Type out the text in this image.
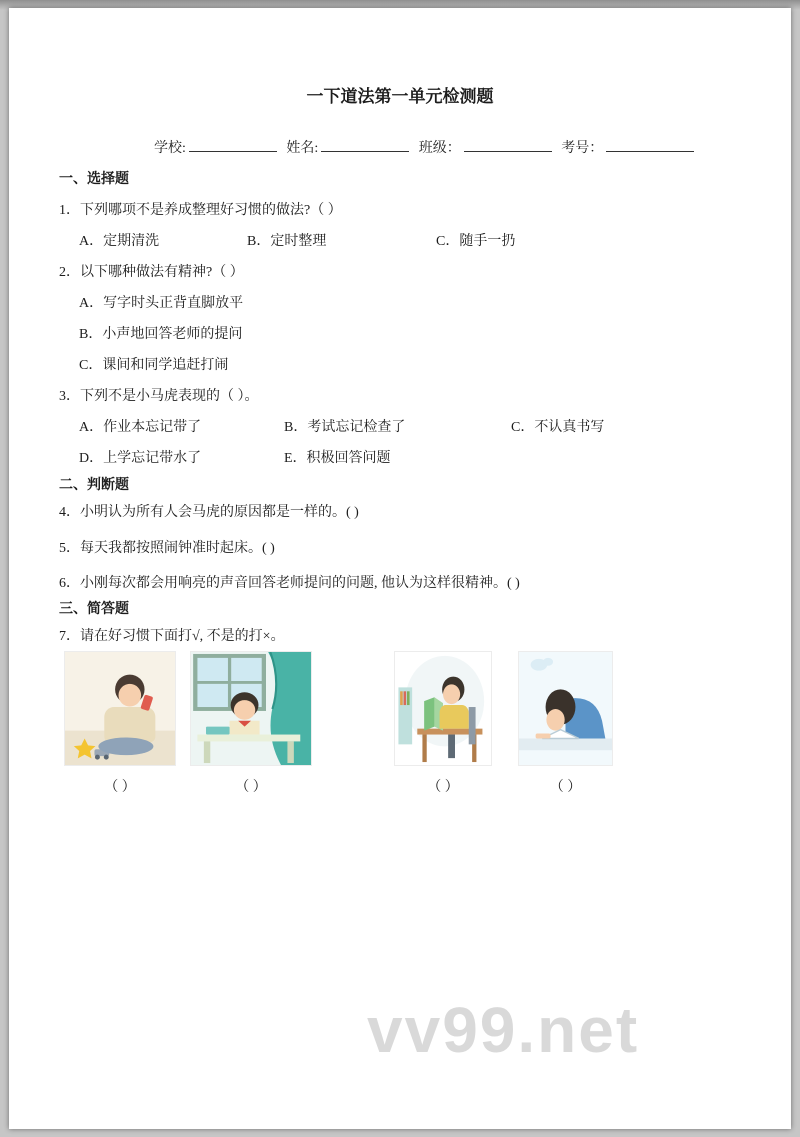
一下道法第一单元检测题
学校:	姓名:	班级：	考号：
一、选择题
1．下列哪项不是养成整理好习惯的做法?（ ）
A．定期清洗	B．定时整理	C．随手一扔
2．以下哪种做法有精神?（ ）
A．写字时头正背直脚放平
B．小声地回答老师的提问
C．课间和同学追赶打闹
3．下列不是小马虎表现的（ ）。
A．作业本忘记带了	B．考试忘记检查了	C．不认真书写
D．上学忘记带水了	E．积极回答问题
二、判断题
4．小明认为所有人会马虎的原因都是一样的。( )
5．每天我都按照闹钟准时起床。( )
6．小刚每次都会用响亮的声音回答老师提问的问题, 他认为这样很精神。( )
三、简答题
7．请在好习惯下面打√, 不是的打×。
（ ）	（ ）	（ ）	（ ）
vv99.net
